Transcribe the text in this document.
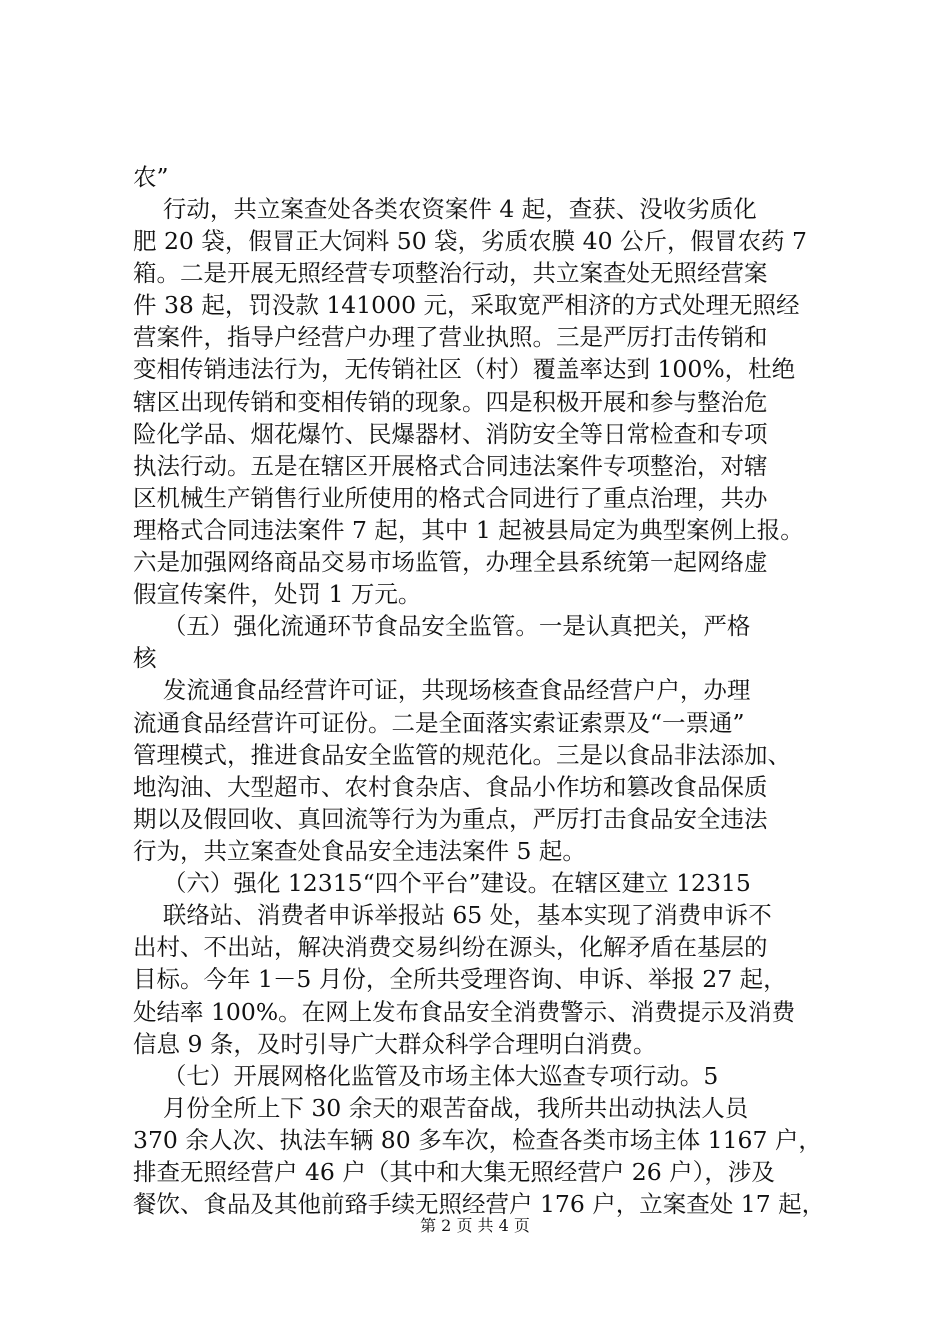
农”
行动，共立案查处各类农资案件 4 起，查获、没收劣质化
肥 20 袋，假冒正大饲料 50 袋，劣质农膜 40 公斤，假冒农药 7
箱。二是开展无照经营专项整治行动，共立案查处无照经营案
件 38 起，罚没款 141000 元，采取宽严相济的方式处理无照经
营案件，指导户经营户办理了营业执照。三是严厉打击传销和
变相传销违法行为，无传销社区（村）覆盖率达到 100%，杜绝
辖区出现传销和变相传销的现象。四是积极开展和参与整治危
险化学品、烟花爆竹、民爆器材、消防安全等日常检查和专项
执法行动。五是在辖区开展格式合同违法案件专项整治，对辖
区机械生产销售行业所使用的格式合同进行了重点治理，共办
理格式合同违法案件 7 起，其中 1 起被县局定为典型案例上报。
六是加强网络商品交易市场监管，办理全县系统第一起网络虚
假宣传案件，处罚 1 万元。
（五）强化流通环节食品安全监管。一是认真把关，严格
核
发流通食品经营许可证，共现场核查食品经营户户，办理
流通食品经营许可证份。二是全面落实索证索票及“一票通”
管理模式，推进食品安全监管的规范化。三是以食品非法添加、
地沟油、大型超市、农村食杂店、食品小作坊和篡改食品保质
期以及假回收、真回流等行为为重点，严厉打击食品安全违法
行为，共立案查处食品安全违法案件 5 起。
（六）强化 12315“四个平台”建设。在辖区建立 12315
联络站、消费者申诉举报站 65 处，基本实现了消费申诉不
出村、不出站，解决消费交易纠纷在源头，化解矛盾在基层的
目标。今年 1－5 月份，全所共受理咨询、申诉、举报 27 起，
处结率 100%。在网上发布食品安全消费警示、消费提示及消费
信息 9 条，及时引导广大群众科学合理明白消费。
（七）开展网格化监管及市场主体大巡查专项行动。5
月份全所上下 30 余天的艰苦奋战，我所共出动执法人员
370 余人次、执法车辆 80 多车次，检查各类市场主体 1167 户，
排查无照经营户 46 户（其中和大集无照经营户 26 户），涉及
餐饮、食品及其他前臵手续无照经营户 176 户，立案查处 17 起，
第 2 页 共 4 页
